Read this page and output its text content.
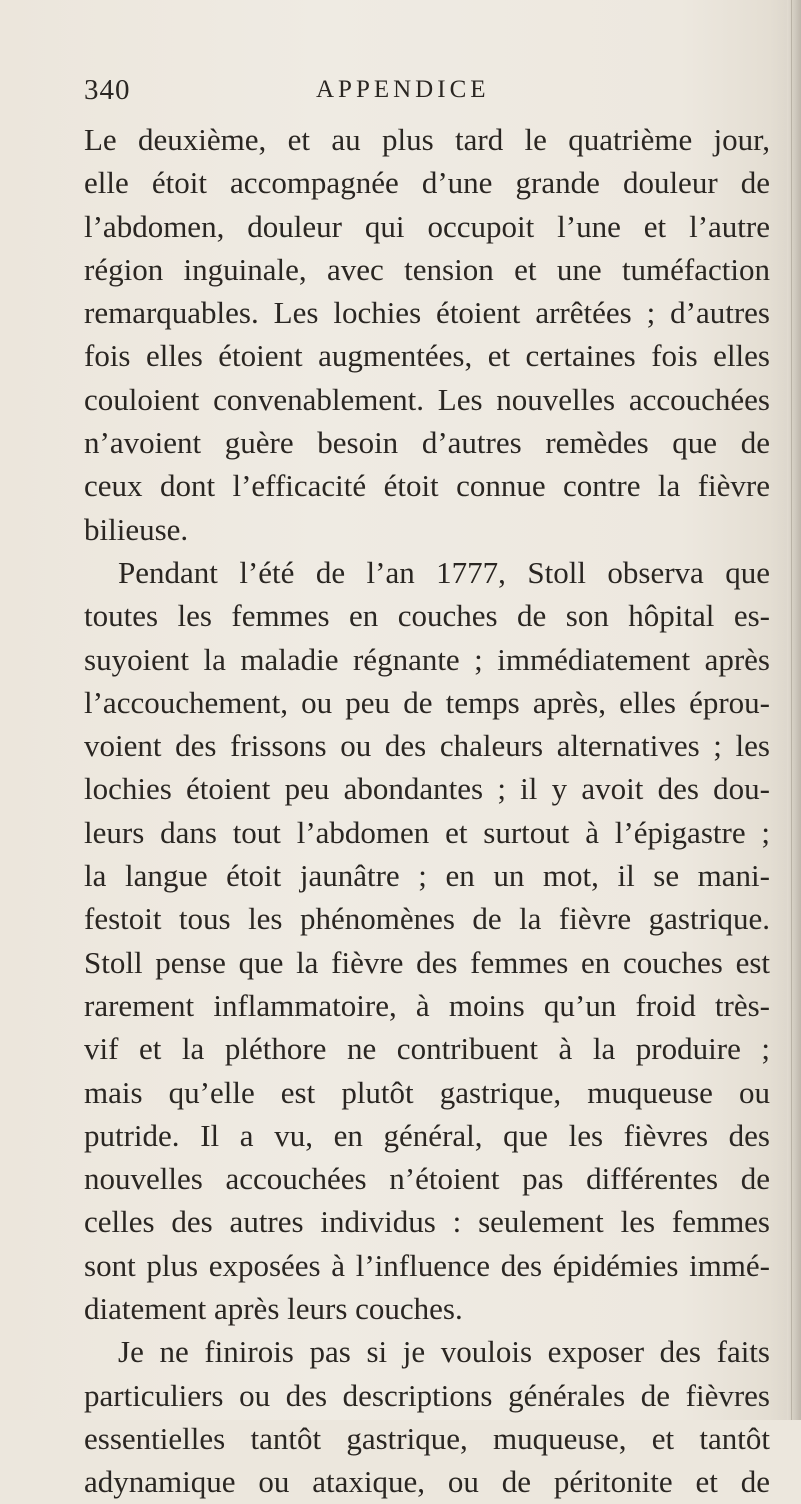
340	APPENDICE
Le deuxième, et au plus tard le quatrième jour,
elle étoit accompagnée d’une grande douleur de
l’abdomen, douleur qui occupoit l’une et l’autre
région inguinale, avec tension et une tuméfaction
remarquables. Les lochies étoient arrêtées ; d’autres
fois elles étoient augmentées, et certaines fois elles
couloient convenablement. Les nouvelles accouchées
n’avoient guère besoin d’autres remèdes que de
ceux dont l’efficacité étoit connue contre la fièvre
bilieuse.
Pendant l’été de l’an 1777, Stoll observa que
toutes les femmes en couches de son hôpital es-
suyoient la maladie régnante ; immédiatement après
l’accouchement, ou peu de temps après, elles éprou-
voient des frissons ou des chaleurs alternatives ; les
lochies étoient peu abondantes ; il y avoit des dou-
leurs dans tout l’abdomen et surtout à l’épigastre ;
la langue étoit jaunâtre ; en un mot, il se mani-
festoit tous les phénomènes de la fièvre gastrique.
Stoll pense que la fièvre des femmes en couches est
rarement inflammatoire, à moins qu’un froid très-
vif et la pléthore ne contribuent à la produire ;
mais qu’elle est plutôt gastrique, muqueuse ou
putride. Il a vu, en général, que les fièvres des
nouvelles accouchées n’étoient pas différentes de
celles des autres individus : seulement les femmes
sont plus exposées à l’influence des épidémies immé-
diatement après leurs couches.
Je ne finirois pas si je voulois exposer des faits
particuliers ou des descriptions générales de fièvres
essentielles tantôt gastrique, muqueuse, et tantôt
adynamique ou ataxique, ou de péritonite et de
